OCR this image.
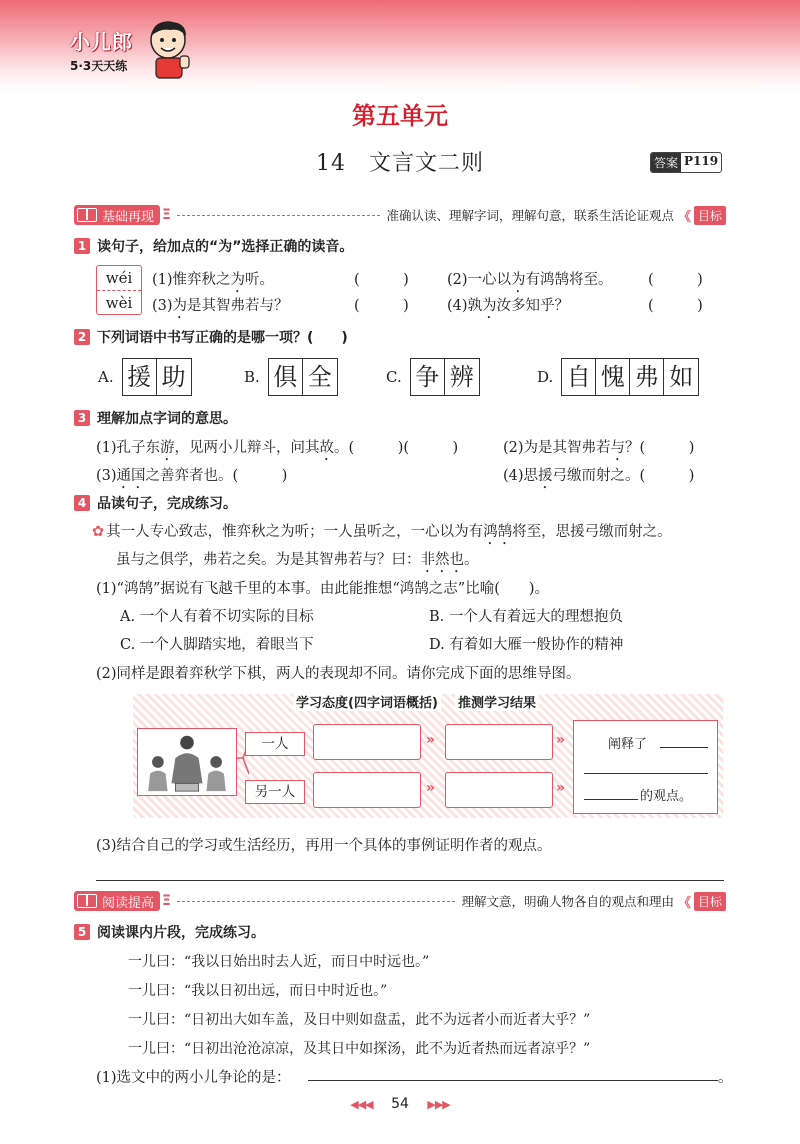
小儿郎
5·3天天练
第五单元
14　文言文二则	答案 P119
基础再现 Ξ	准确认读、理解字词，理解句意，联系生活论证观点 《 目标
1 读句子，给加点的“为”选择正确的读音。
wéi
wèi
(1)惟弈秋之为听。	(　　　)	(2)一心以为有鸿鹄将至。 (　　　)
(3)为是其智弗若与？	(　　　)	(4)孰为汝多知乎？	(　　　)
2 下列词语中书写正确的是哪一项？(　　)
A. 援 助	B. 俱 全	C. 争 辨	D. 自 愧 弗 如
3 理解加点字词的意思。
(1)孔子东游，见两小儿辩斗，问其故。(　　　)(　　　)	(2)为是其智弗若与？(　　　)
(3)通国之善弈者也。(　　　)	(4)思援弓缴而射之。(　　　)
4 品读句子，完成练习。
✿ 其一人专心致志，惟弈秋之为听；一人虽听之，一心以为有鸿鹄将至，思援弓缴而射之。
虽与之俱学，弗若之矣。为是其智弗若与？曰：非然也。
(1)“鸿鹄”据说有飞越千里的本事。由此能推想“鸿鹄之志”比喻(　　)。
A. 一个人有着不切实际的目标	B. 一个人有着远大的理想抱负
C. 一个人脚踏实地，着眼当下	D. 有着如大雁一般协作的精神
(2)同样是跟着弈秋学下棋，两人的表现却不同。请你完成下面的思维导图。
学习态度(四字词语概括) 推测学习结果
一人
另一人
»
»
»
»
阐释了
的观点。
(3)结合自己的学习或生活经历，再用一个具体的事例证明作者的观点。
阅读提高 Ξ	理解文意，明确人物各自的观点和理由 《 目标
5 阅读课内片段，完成练习。
一儿曰：“我以日始出时去人近，而日中时远也。”
一儿曰：“我以日初出远，而日中时近也。”
一儿曰：“日初出大如车盖，及日中则如盘盂，此不为远者小而近者大乎？”
一儿曰：“日初出沧沧凉凉，及其日中如探汤，此不为近者热而远者凉乎？”
(1)选文中的两小儿争论的是：	。
◀◀◀ 54 ▶▶▶
